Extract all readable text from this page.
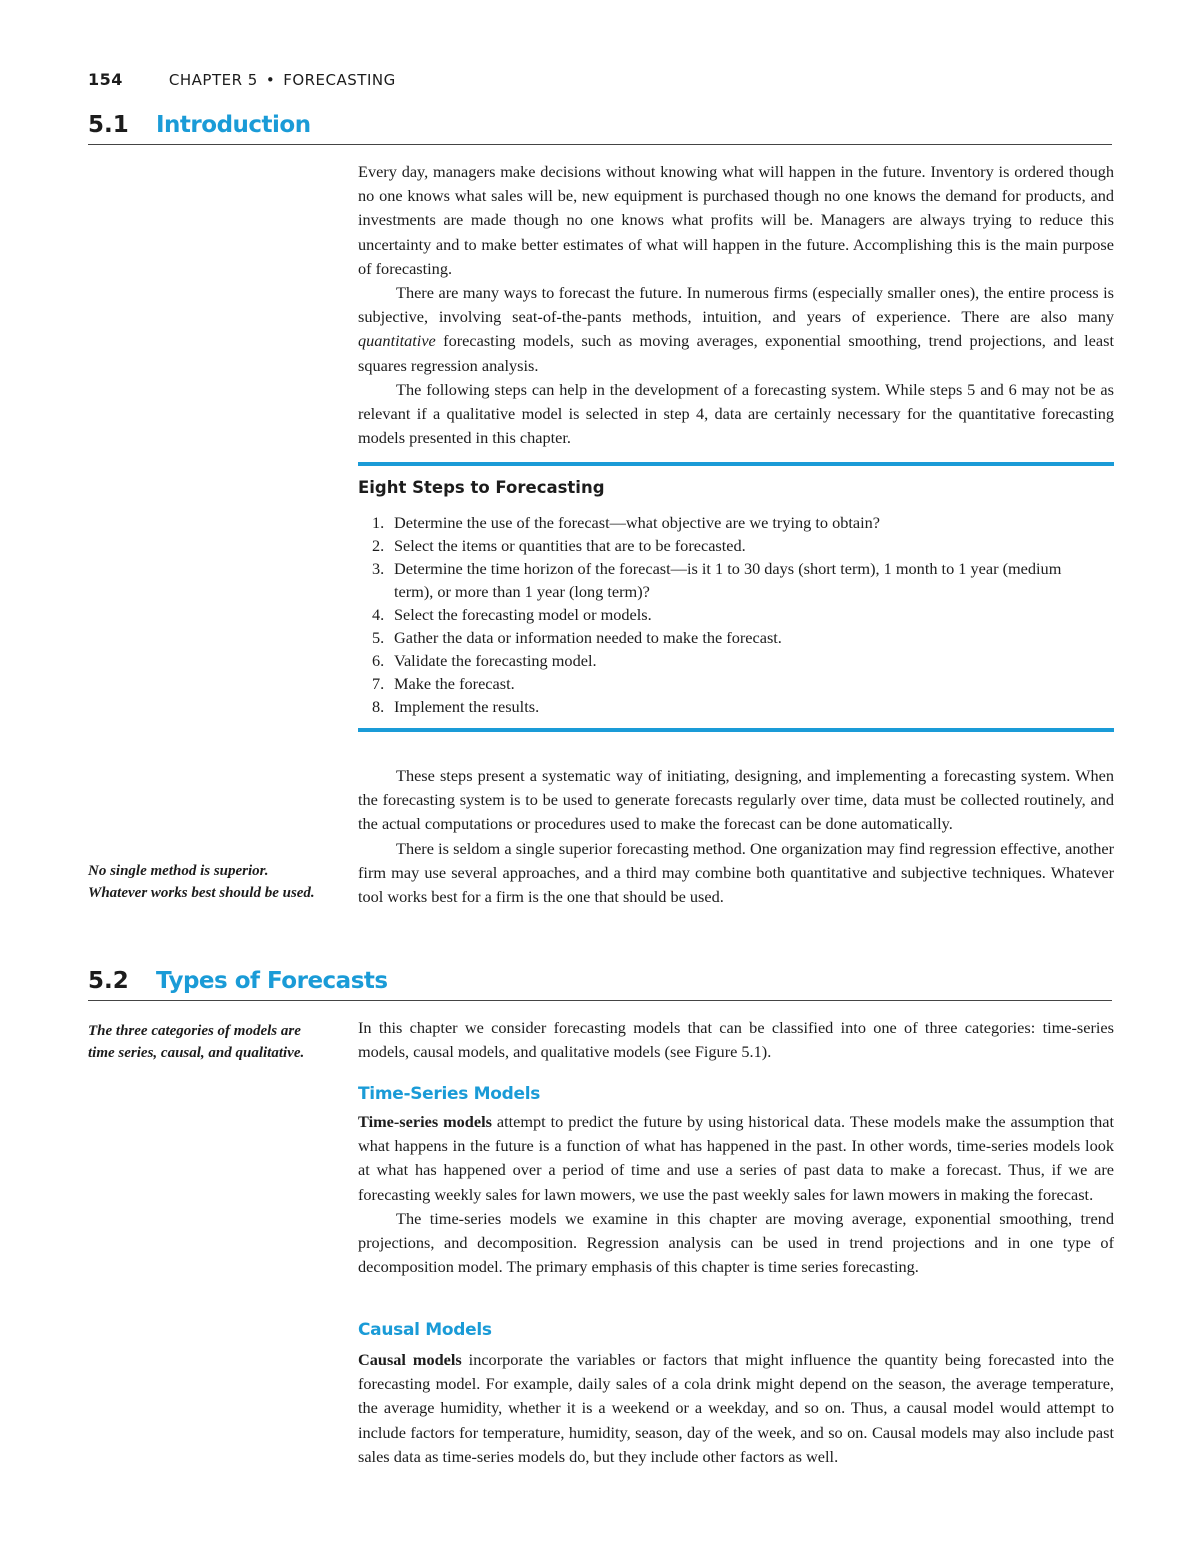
154	CHAPTER 5 • FORECASTING
5.1	Introduction

Every day, managers make decisions without knowing what will happen in the future. Inventory is ordered though no one knows what sales will be, new equipment is purchased though no one knows the demand for products, and investments are made though no one knows what profits will be. Managers are always trying to reduce this uncertainty and to make better estimates of what will happen in the future. Accomplishing this is the main purpose of forecasting.

There are many ways to forecast the future. In numerous firms (especially smaller ones), the entire process is subjective, involving seat-of-the-pants methods, intuition, and years of experience. There are also many quantitative forecasting models, such as moving averages, exponential smoothing, trend projections, and least squares regression analysis.

The following steps can help in the development of a forecasting system. While steps 5 and 6 may not be as relevant if a qualitative model is selected in step 4, data are certainly necessary for the quantitative forecasting models presented in this chapter.

Eight Steps to Forecasting
1. Determine the use of the forecast—what objective are we trying to obtain?
2. Select the items or quantities that are to be forecasted.
3. Determine the time horizon of the forecast—is it 1 to 30 days (short term), 1 month to 1 year (medium term), or more than 1 year (long term)?
4. Select the forecasting model or models.
5. Gather the data or information needed to make the forecast.
6. Validate the forecasting model.
7. Make the forecast.
8. Implement the results.

These steps present a systematic way of initiating, designing, and implementing a forecasting system. When the forecasting system is to be used to generate forecasts regularly over time, data must be collected routinely, and the actual computations or procedures used to make the forecast can be done automatically.

There is seldom a single superior forecasting method. One organization may find regression effective, another firm may use several approaches, and a third may combine both quantitative and subjective techniques. Whatever tool works best for a firm is the one that should be used.

No single method is superior. Whatever works best should be used.
5.2	Types of Forecasts
The three categories of models are time series, causal, and qualitative.

In this chapter we consider forecasting models that can be classified into one of three categories: time-series models, causal models, and qualitative models (see Figure 5.1).

Time-Series Models

Time-series models attempt to predict the future by using historical data. These models make the assumption that what happens in the future is a function of what has happened in the past. In other words, time-series models look at what has happened over a period of time and use a series of past data to make a forecast. Thus, if we are forecasting weekly sales for lawn mowers, we use the past weekly sales for lawn mowers in making the forecast.

The time-series models we examine in this chapter are moving average, exponential smoothing, trend projections, and decomposition. Regression analysis can be used in trend projections and in one type of decomposition model. The primary emphasis of this chapter is time series forecasting.

Causal Models

Causal models incorporate the variables or factors that might influence the quantity being forecasted into the forecasting model. For example, daily sales of a cola drink might depend on the season, the average temperature, the average humidity, whether it is a weekend or a weekday, and so on. Thus, a causal model would attempt to include factors for temperature, humidity, season, day of the week, and so on. Causal models may also include past sales data as time-series models do, but they include other factors as well.
